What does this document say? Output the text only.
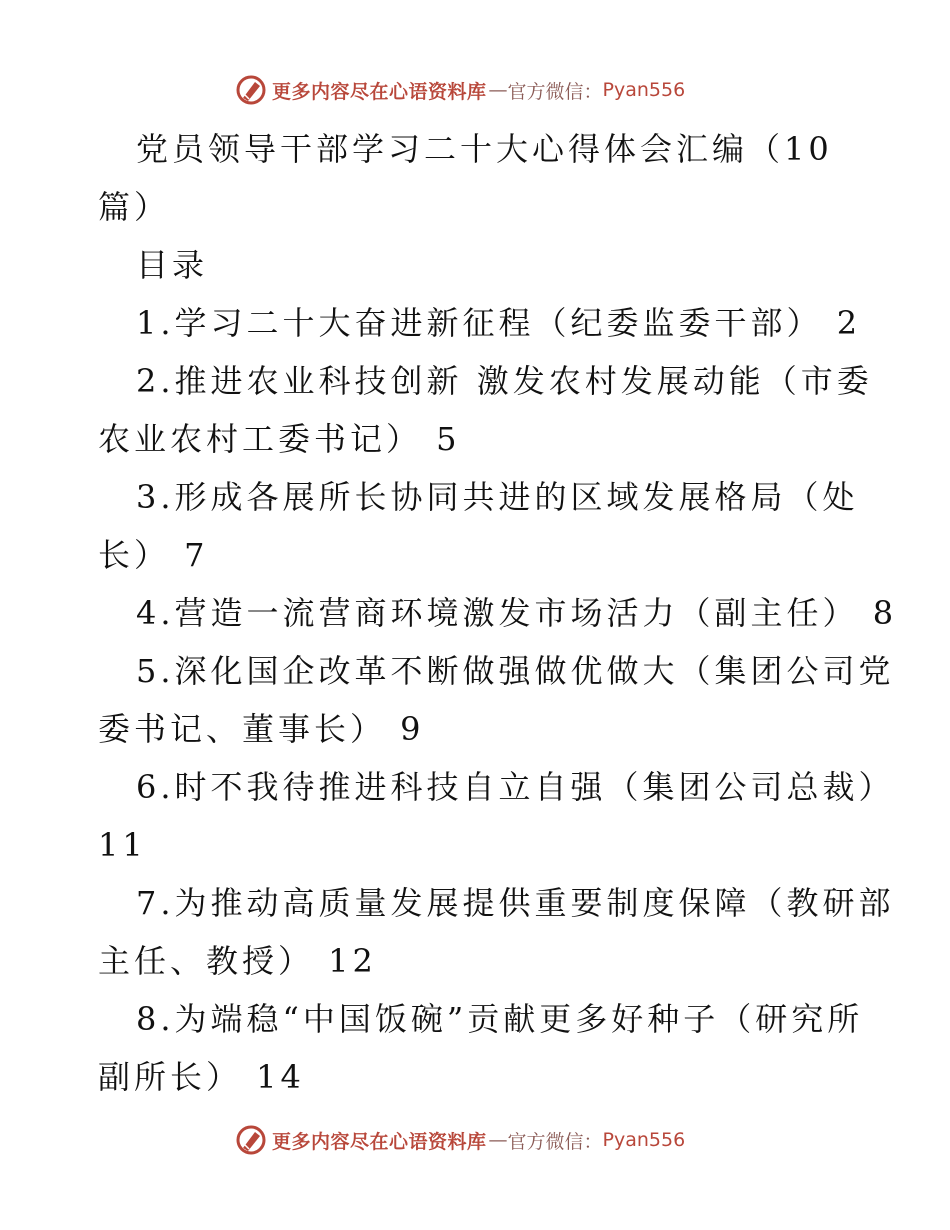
更多内容尽在心语资料库 — 官方微信： Pyan556
党员领导干部学习二十大心得体会汇编（10
篇）
目录
1.学习二十大奋进新征程（纪委监委干部） 2
2.推进农业科技创新 激发农村发展动能（市委
农业农村工委书记） 5
3.形成各展所长协同共进的区域发展格局（处
长） 7
4.营造一流营商环境激发市场活力（副主任） 8
5.深化国企改革不断做强做优做大（集团公司党
委书记、董事长） 9
6.时不我待推进科技自立自强（集团公司总裁）
11
7.为推动高质量发展提供重要制度保障（教研部
主任、教授） 12
8.为端稳“中国饭碗”贡献更多好种子（研究所
副所长） 14
更多内容尽在心语资料库 — 官方微信： Pyan556
